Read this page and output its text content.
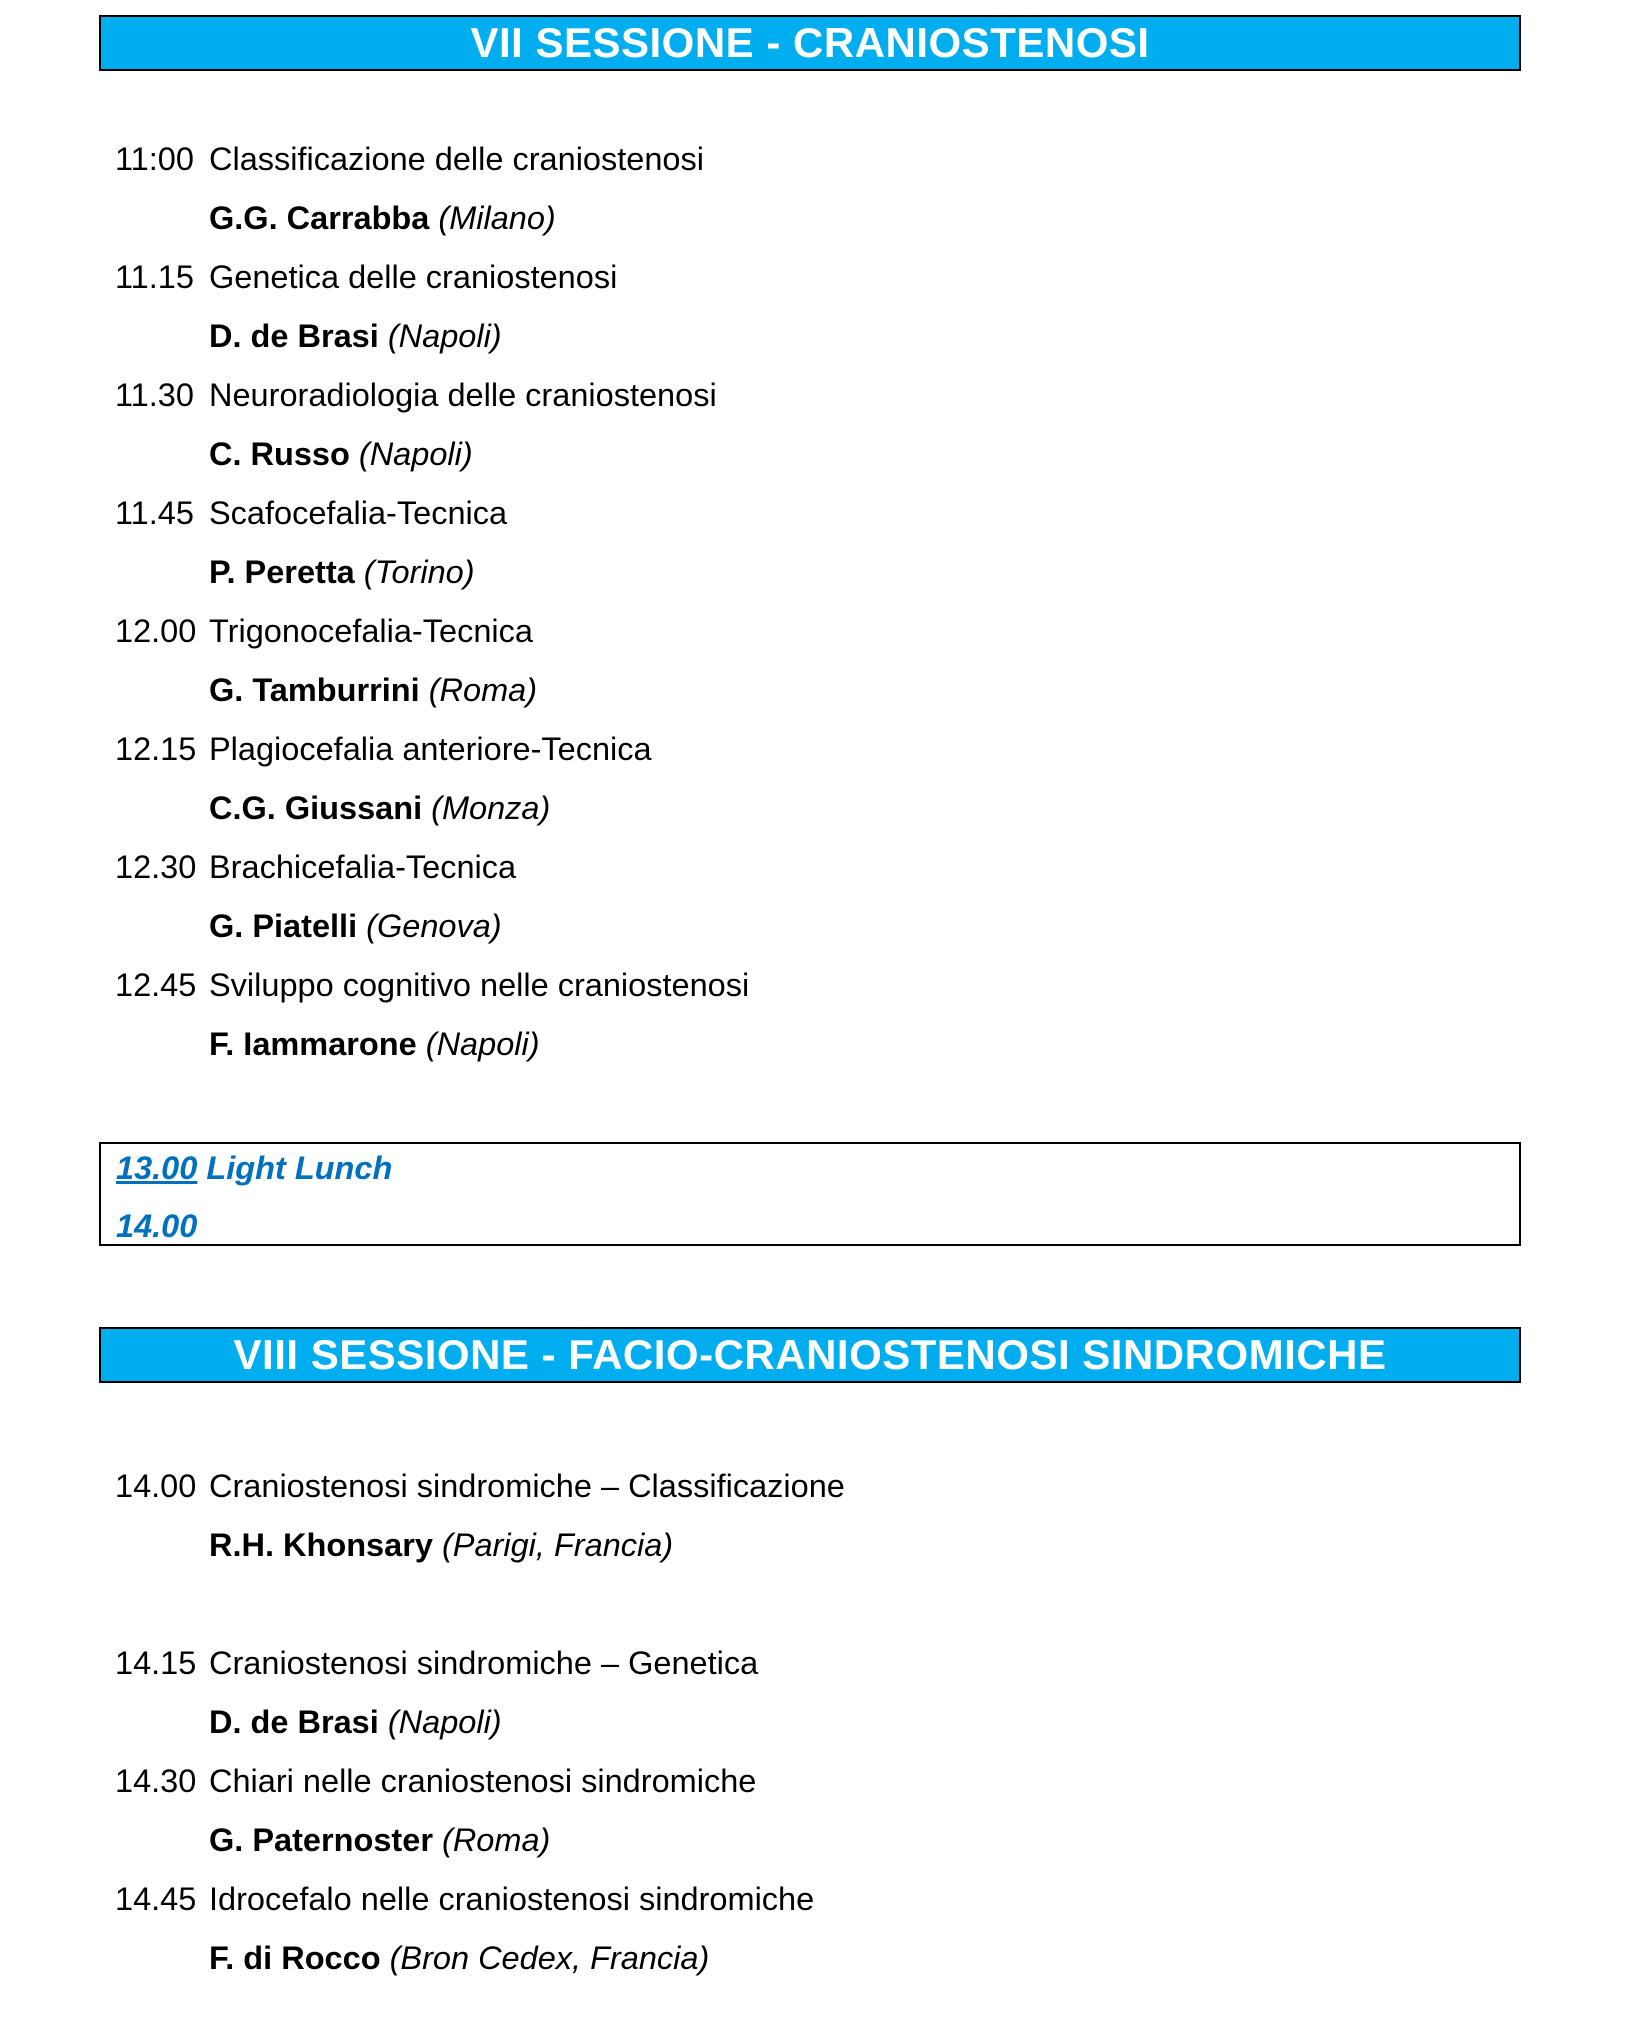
VII SESSIONE - CRANIOSTENOSI
11:00 Classificazione delle craniostenosi
G.G. Carrabba (Milano)
11.15 Genetica delle craniostenosi
D. de Brasi (Napoli)
11.30 Neuroradiologia delle craniostenosi
C. Russo (Napoli)
11.45 Scafocefalia-Tecnica
P. Peretta (Torino)
12.00 Trigonocefalia-Tecnica
G. Tamburrini (Roma)
12.15 Plagiocefalia anteriore-Tecnica
C.G. Giussani (Monza)
12.30 Brachicefalia-Tecnica
G. Piatelli (Genova)
12.45 Sviluppo cognitivo nelle craniostenosi
F. Iammarone (Napoli)
13.00 Light Lunch
14.00
VIII SESSIONE - FACIO-CRANIOSTENOSI SINDROMICHE
14.00 Craniostenosi sindromiche – Classificazione
R.H. Khonsary (Parigi, Francia)
14.15 Craniostenosi sindromiche – Genetica
D. de Brasi (Napoli)
14.30 Chiari nelle craniostenosi sindromiche
G. Paternoster (Roma)
14.45 Idrocefalo nelle craniostenosi sindromiche
F. di Rocco (Bron Cedex, Francia)
